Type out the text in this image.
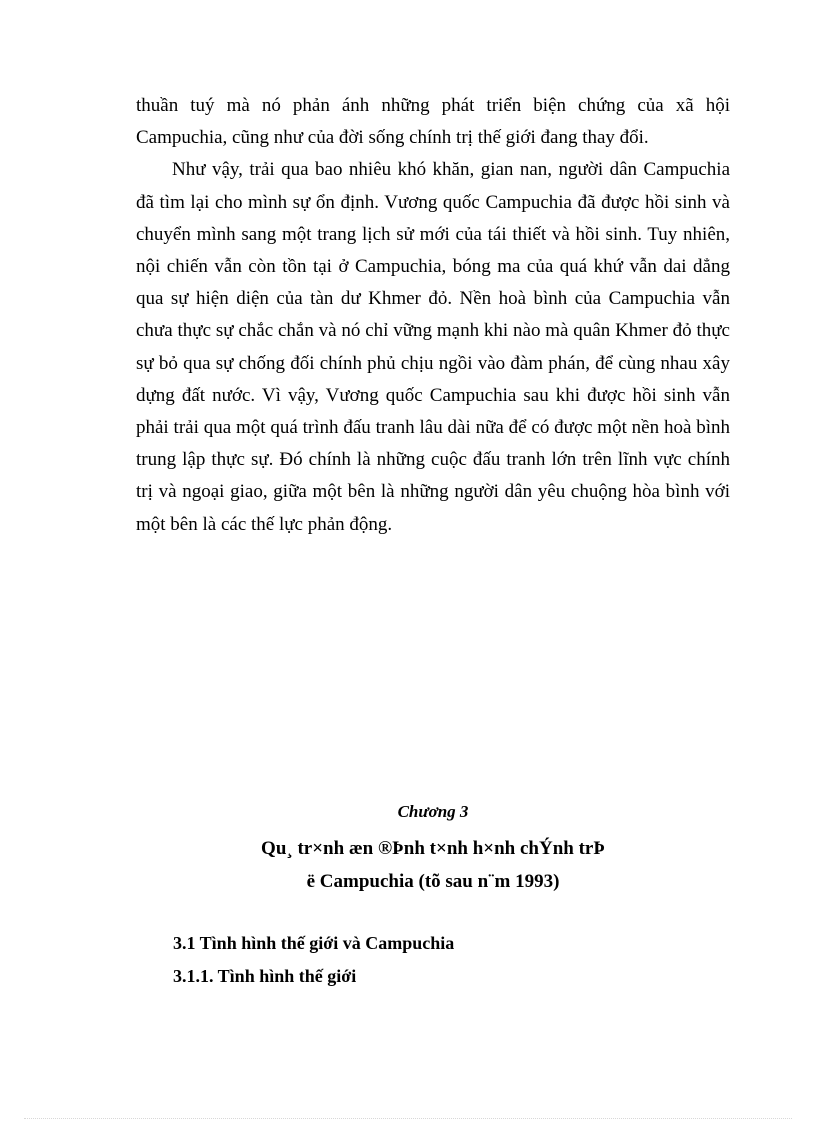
thuần tuý mà nó phản ánh những phát triển biện chứng của xã hội Campuchia, cũng như của đời sống chính trị thế giới đang thay đổi.

Như vậy, trải qua bao nhiêu khó khăn, gian nan, người dân Campuchia đã tìm lại cho mình sự ổn định. Vương quốc Campuchia đã được hồi sinh và chuyển mình sang một trang lịch sử mới của tái thiết và hồi sinh. Tuy nhiên, nội chiến vẫn còn tồn tại ở Campuchia, bóng ma của quá khứ vẫn dai dẳng qua sự hiện diện của tàn dư Khmer đỏ. Nền hoà bình của Campuchia vẫn chưa thực sự chắc chắn và nó chỉ vững mạnh khi nào mà quân Khmer đỏ thực sự bỏ qua sự chống đối chính phủ chịu ngồi vào đàm phán, để cùng nhau xây dựng đất nước. Vì vậy, Vương quốc Campuchia sau khi được hồi sinh vẫn phải trải qua một quá trình đấu tranh lâu dài nữa để có được một nền hoà bình trung lập thực sự. Đó chính là những cuộc đấu tranh lớn trên lĩnh vực chính trị và ngoại giao, giữa một bên là những người dân yêu chuộng hòa bình với một bên là các thế lực phản động.

Chương 3
Qu¸ tr×nh æn ®Þnh t×nh h×nh chÝnh trÞ
ë Campuchia (tõ sau n¨m 1993)
3.1 Tình hình thế giới và Campuchia
3.1.1. Tình hình thế giới
